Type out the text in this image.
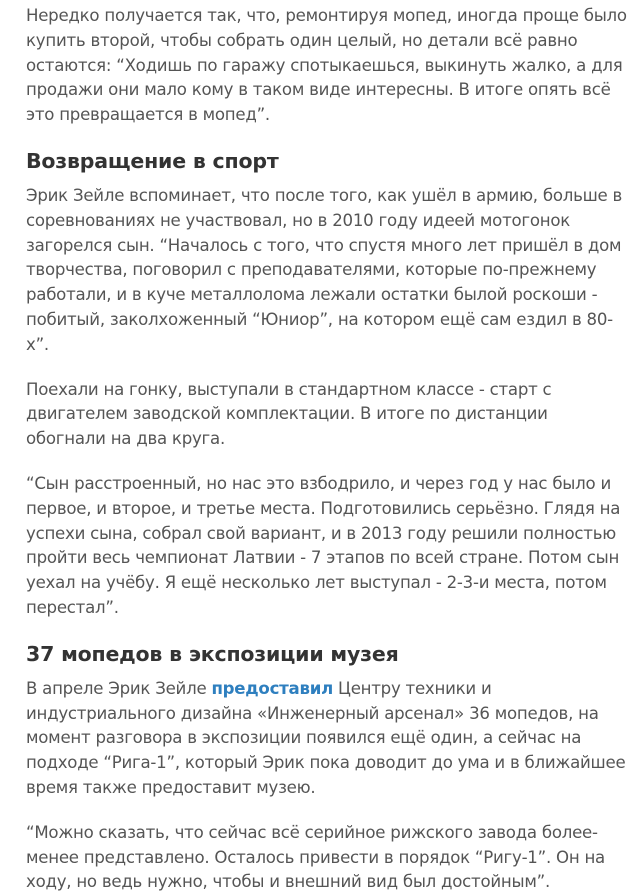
Нередко получается так, что, ремонтируя мопед, иногда проще было купить второй, чтобы собрать один целый, но детали всё равно остаются: “Ходишь по гаражу спотыкаешься, выкинуть жалко, а для продажи они мало кому в таком виде интересны. В итоге опять всё это превращается в мопед”.

Возвращение в спорт

Эрик Зейле вспоминает, что после того, как ушёл в армию, больше в соревнованиях не участвовал, но в 2010 году идеей мотогонок загорелся сын. “Началось с того, что спустя много лет пришёл в дом творчества, поговорил с преподавателями, которые по-прежнему работали, и в куче металлолома лежали остатки былой роскоши - побитый, заколхоженный “Юниор”, на котором ещё сам ездил в 80-х”.

Поехали на гонку, выступали в стандартном классе - старт с двигателем заводской комплектации. В итоге по дистанции обогнали на два круга.

“Сын расстроенный, но нас это взбодрило, и через год у нас было и первое, и второе, и третье места. Подготовились серьёзно. Глядя на успехи сына, собрал свой вариант, и в 2013 году решили полностью пройти весь чемпионат Латвии - 7 этапов по всей стране. Потом сын уехал на учёбу. Я ещё несколько лет выступал - 2-3-и места, потом перестал”.

37 мопедов в экспозиции музея

В апреле Эрик Зейле предоставил Центру техники и индустриального дизайна «Инженерный арсенал» 36 мопедов, на момент разговора в экспозиции появился ещё один, а сейчас на подходе “Рига-1”, который Эрик пока доводит до ума и в ближайшее время также предоставит музею.

“Можно сказать, что сейчас всё серийное рижского завода более-менее представлено. Осталось привести в порядок “Ригу-1”. Он на ходу, но ведь нужно, чтобы и внешний вид был достойным”.
